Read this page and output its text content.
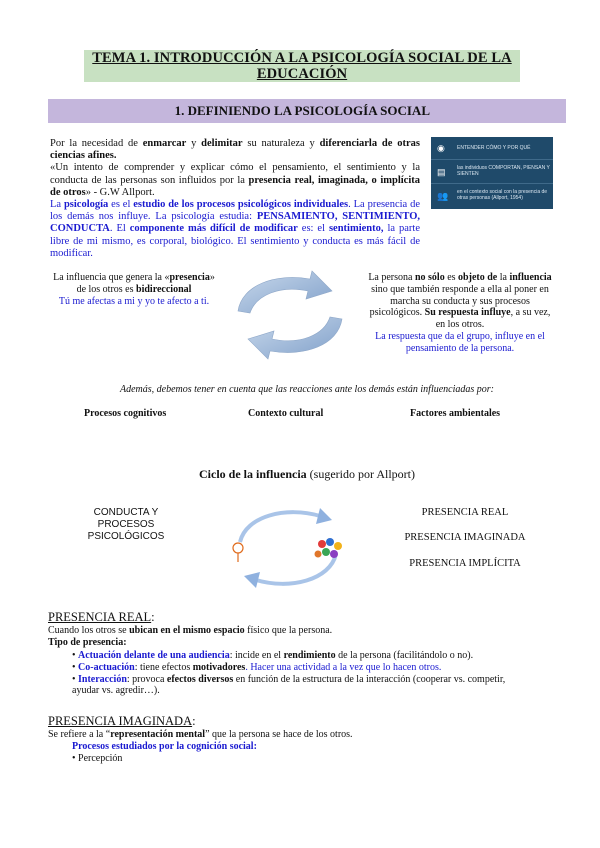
TEMA 1. INTRODUCCIÓN A LA PSICOLOGÍA SOCIAL DE LA
EDUCACIÓN
1. DEFINIENDO LA PSICOLOGÍA SOCIAL

Por la necesidad de enmarcar y delimitar su naturaleza y diferenciarla de otras ciencias afines.

«Un intento de comprender y explicar cómo el pensamiento, el sentimiento y la conducta de las personas son influidos por la presencia real, imaginada, o implícita de otros» - G.W Allport.

La psicología es el estudio de los procesos psicológicos individuales. La presencia de los demás nos influye. La psicología estudia: PENSAMIENTO, SENTIMIENTO, CONDUCTA. El componente más difícil de modificar es: el sentimiento, la parte libre de mi mismo, es corporal, biológico. El sentimiento y conducta es más fácil de modificar.

◉	ENTENDER CÓMO Y POR QUÉ
▤ las individuos COMPORTAN, PIENSAN Y SIENTEN
👥 en el contexto social con la presencia de otras personas (Allport, 1954)

La influencia que genera la «presencia» de los otros es bidireccional

Tú me afectas a mi y yo te afecto a ti.

La persona no sólo es objeto de la influencia sino que también responde a ella al poner en marcha su conducta y sus procesos psicológicos. Su respuesta influye, a su vez, en los otros.

La respuesta que da el grupo, influye en el pensamiento de la persona.

Además, debemos tener en cuenta que las reacciones ante los demás están influenciadas por:
Procesos cognitivos	Contexto cultural	Factores ambientales
Ciclo de la influencia (sugerido por Allport)
CONDUCTA Y
PROCESOS
PSICOLÓGICOS
PRESENCIA REAL
PRESENCIA IMAGINADA
PRESENCIA IMPLÍCITA
PRESENCIA REAL:

Cuando los otros se ubican en el mismo espacio físico que la persona.

Tipo de presencia:

• Actuación delante de una audiencia: incide en el rendimiento de la persona (facilitándolo o no).

• Co-actuación: tiene efectos motivadores. Hacer una actividad a la vez que lo hacen otros.

• Interacción: provoca efectos diversos en función de la estructura de la interacción (cooperar vs. competir, ayudar vs. agredir…).

PRESENCIA IMAGINADA:

Se refiere a la “representación mental” que la persona se hace de los otros.

Procesos estudiados por la cognición social:

• Percepción
